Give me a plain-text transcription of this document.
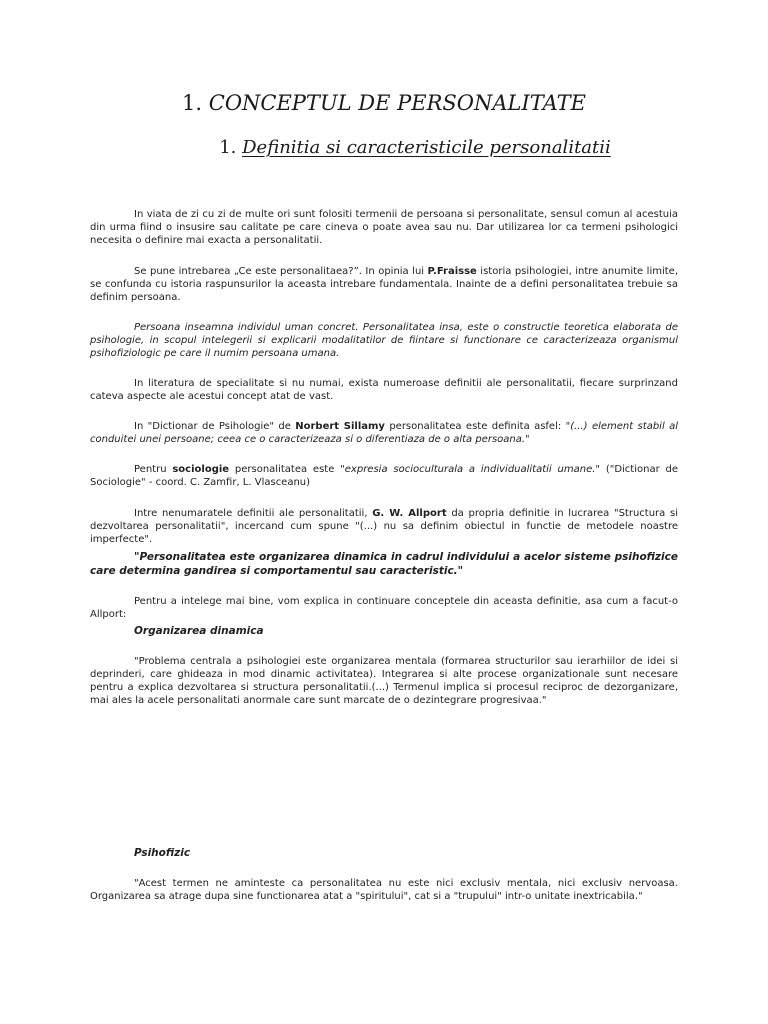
1. CONCEPTUL DE PERSONALITATE
1. Definitia si caracteristicile personalitatii

In viata de zi cu zi de multe ori sunt folositi termenii de persoana si personalitate, sensul comun al acestuia din urma fiind o insusire sau calitate pe care cineva o poate avea sau nu. Dar utilizarea lor ca termeni psihologici necesita o definire mai exacta a personalitatii.

Se pune intrebarea „Ce este personalitaea?”. In opinia lui P.Fraisse istoria psihologiei, intre anumite limite, se confunda cu istoria raspunsurilor la aceasta intrebare fundamentala. Inainte de a defini personalitatea trebuie sa definim persoana.

Persoana inseamna individul uman concret. Personalitatea insa, este o constructie teoretica elaborata de psihologie, in scopul intelegerii si explicarii modalitatilor de fiintare si functionare ce caracterizeaza organismul psihofiziologic pe care il numim persoana umana.

In literatura de specialitate si nu numai, exista numeroase definitii ale personalitatii, fiecare surprinzand cateva aspecte ale acestui concept atat de vast.

In "Dictionar de Psihologie" de Norbert Sillamy personalitatea este definita asfel: "(...) element stabil al conduitei unei persoane; ceea ce o caracterizeaza si o diferentiaza de o alta persoana."

Pentru sociologie personalitatea este "expresia socioculturala a individualitatii umane." ("Dictionar de Sociologie" - coord. C. Zamfir, L. Vlasceanu)

Intre nenumaratele definitii ale personalitatii, G. W. Allport da propria definitie in lucrarea "Structura si dezvoltarea personalitatii", incercand cum spune "(...) nu sa definim obiectul in functie de metodele noastre imperfecte".

"Personalitatea este organizarea dinamica in cadrul individului a acelor sisteme psihofizice care determina gandirea si comportamentul sau caracteristic."

Pentru a intelege mai bine, vom explica in continuare conceptele din aceasta definitie, asa cum a facut-o Allport:

Organizarea dinamica

"Problema centrala a psihologiei este organizarea mentala (formarea structurilor sau ierarhiilor de idei si deprinderi, care ghideaza in mod dinamic activitatea). Integrarea si alte procese organizationale sunt necesare pentru a explica dezvoltarea si structura personalitatii.(...) Termenul implica si procesul reciproc de dezorganizare, mai ales la acele personalitati anormale care sunt marcate de o dezintegrare progresivaa."

Psihofizic

"Acest termen ne aminteste ca personalitatea nu este nici exclusiv mentala, nici exclusiv nervoasa. Organizarea sa atrage dupa sine functionarea atat a "spiritului", cat si a "trupului" intr-o unitate inextricabila."
